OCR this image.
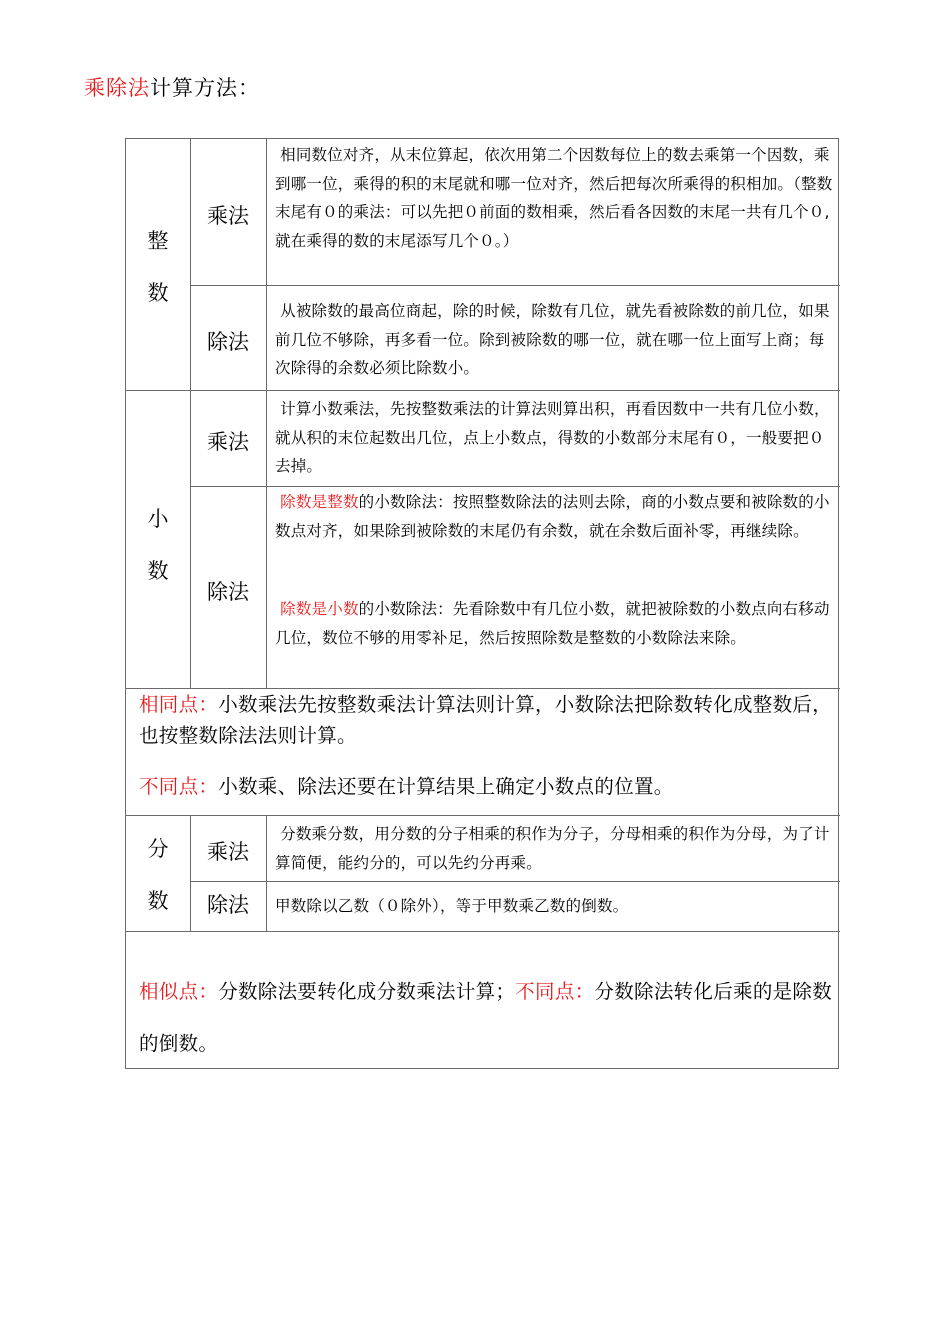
乘除法计算方法：
整
数
乘法
相同数位对齐，从末位算起，依次用第二个因数每位上的数去乘第一个因数，乘到哪一位，乘得的积的末尾就和哪一位对齐，然后把每次所乘得的积相加。（整数末尾有０的乘法：可以先把０前面的数相乘，然后看各因数的末尾一共有几个０,就在乘得的数的末尾添写几个０。）
除法
从被除数的最高位商起，除的时候，除数有几位，就先看被除数的前几位，如果前几位不够除，再多看一位。除到被除数的哪一位，就在哪一位上面写上商；每次除得的余数必须比除数小。
小
数
乘法
计算小数乘法，先按整数乘法的计算法则算出积，再看因数中一共有几位小数，就从积的末位起数出几位，点上小数点，得数的小数部分末尾有０，一般要把０去掉。
除法
除数是整数的小数除法：按照整数除法的法则去除，商的小数点要和被除数的小数点对齐，如果除到被除数的末尾仍有余数，就在余数后面补零，再继续除。
除数是小数的小数除法：先看除数中有几位小数，就把被除数的小数点向右移动几位，数位不够的用零补足，然后按照除数是整数的小数除法来除。
相同点：小数乘法先按整数乘法计算法则计算，小数除法把除数转化成整数后，也按整数除法法则计算。
不同点：小数乘、除法还要在计算结果上确定小数点的位置。
分
数
乘法
分数乘分数，用分数的分子相乘的积作为分子，分母相乘的积作为分母，为了计算简便，能约分的，可以先约分再乘。
除法	甲数除以乙数（０除外），等于甲数乘乙数的倒数。
相似点：分数除法要转化成分数乘法计算；不同点：分数除法转化后乘的是除数的倒数。
